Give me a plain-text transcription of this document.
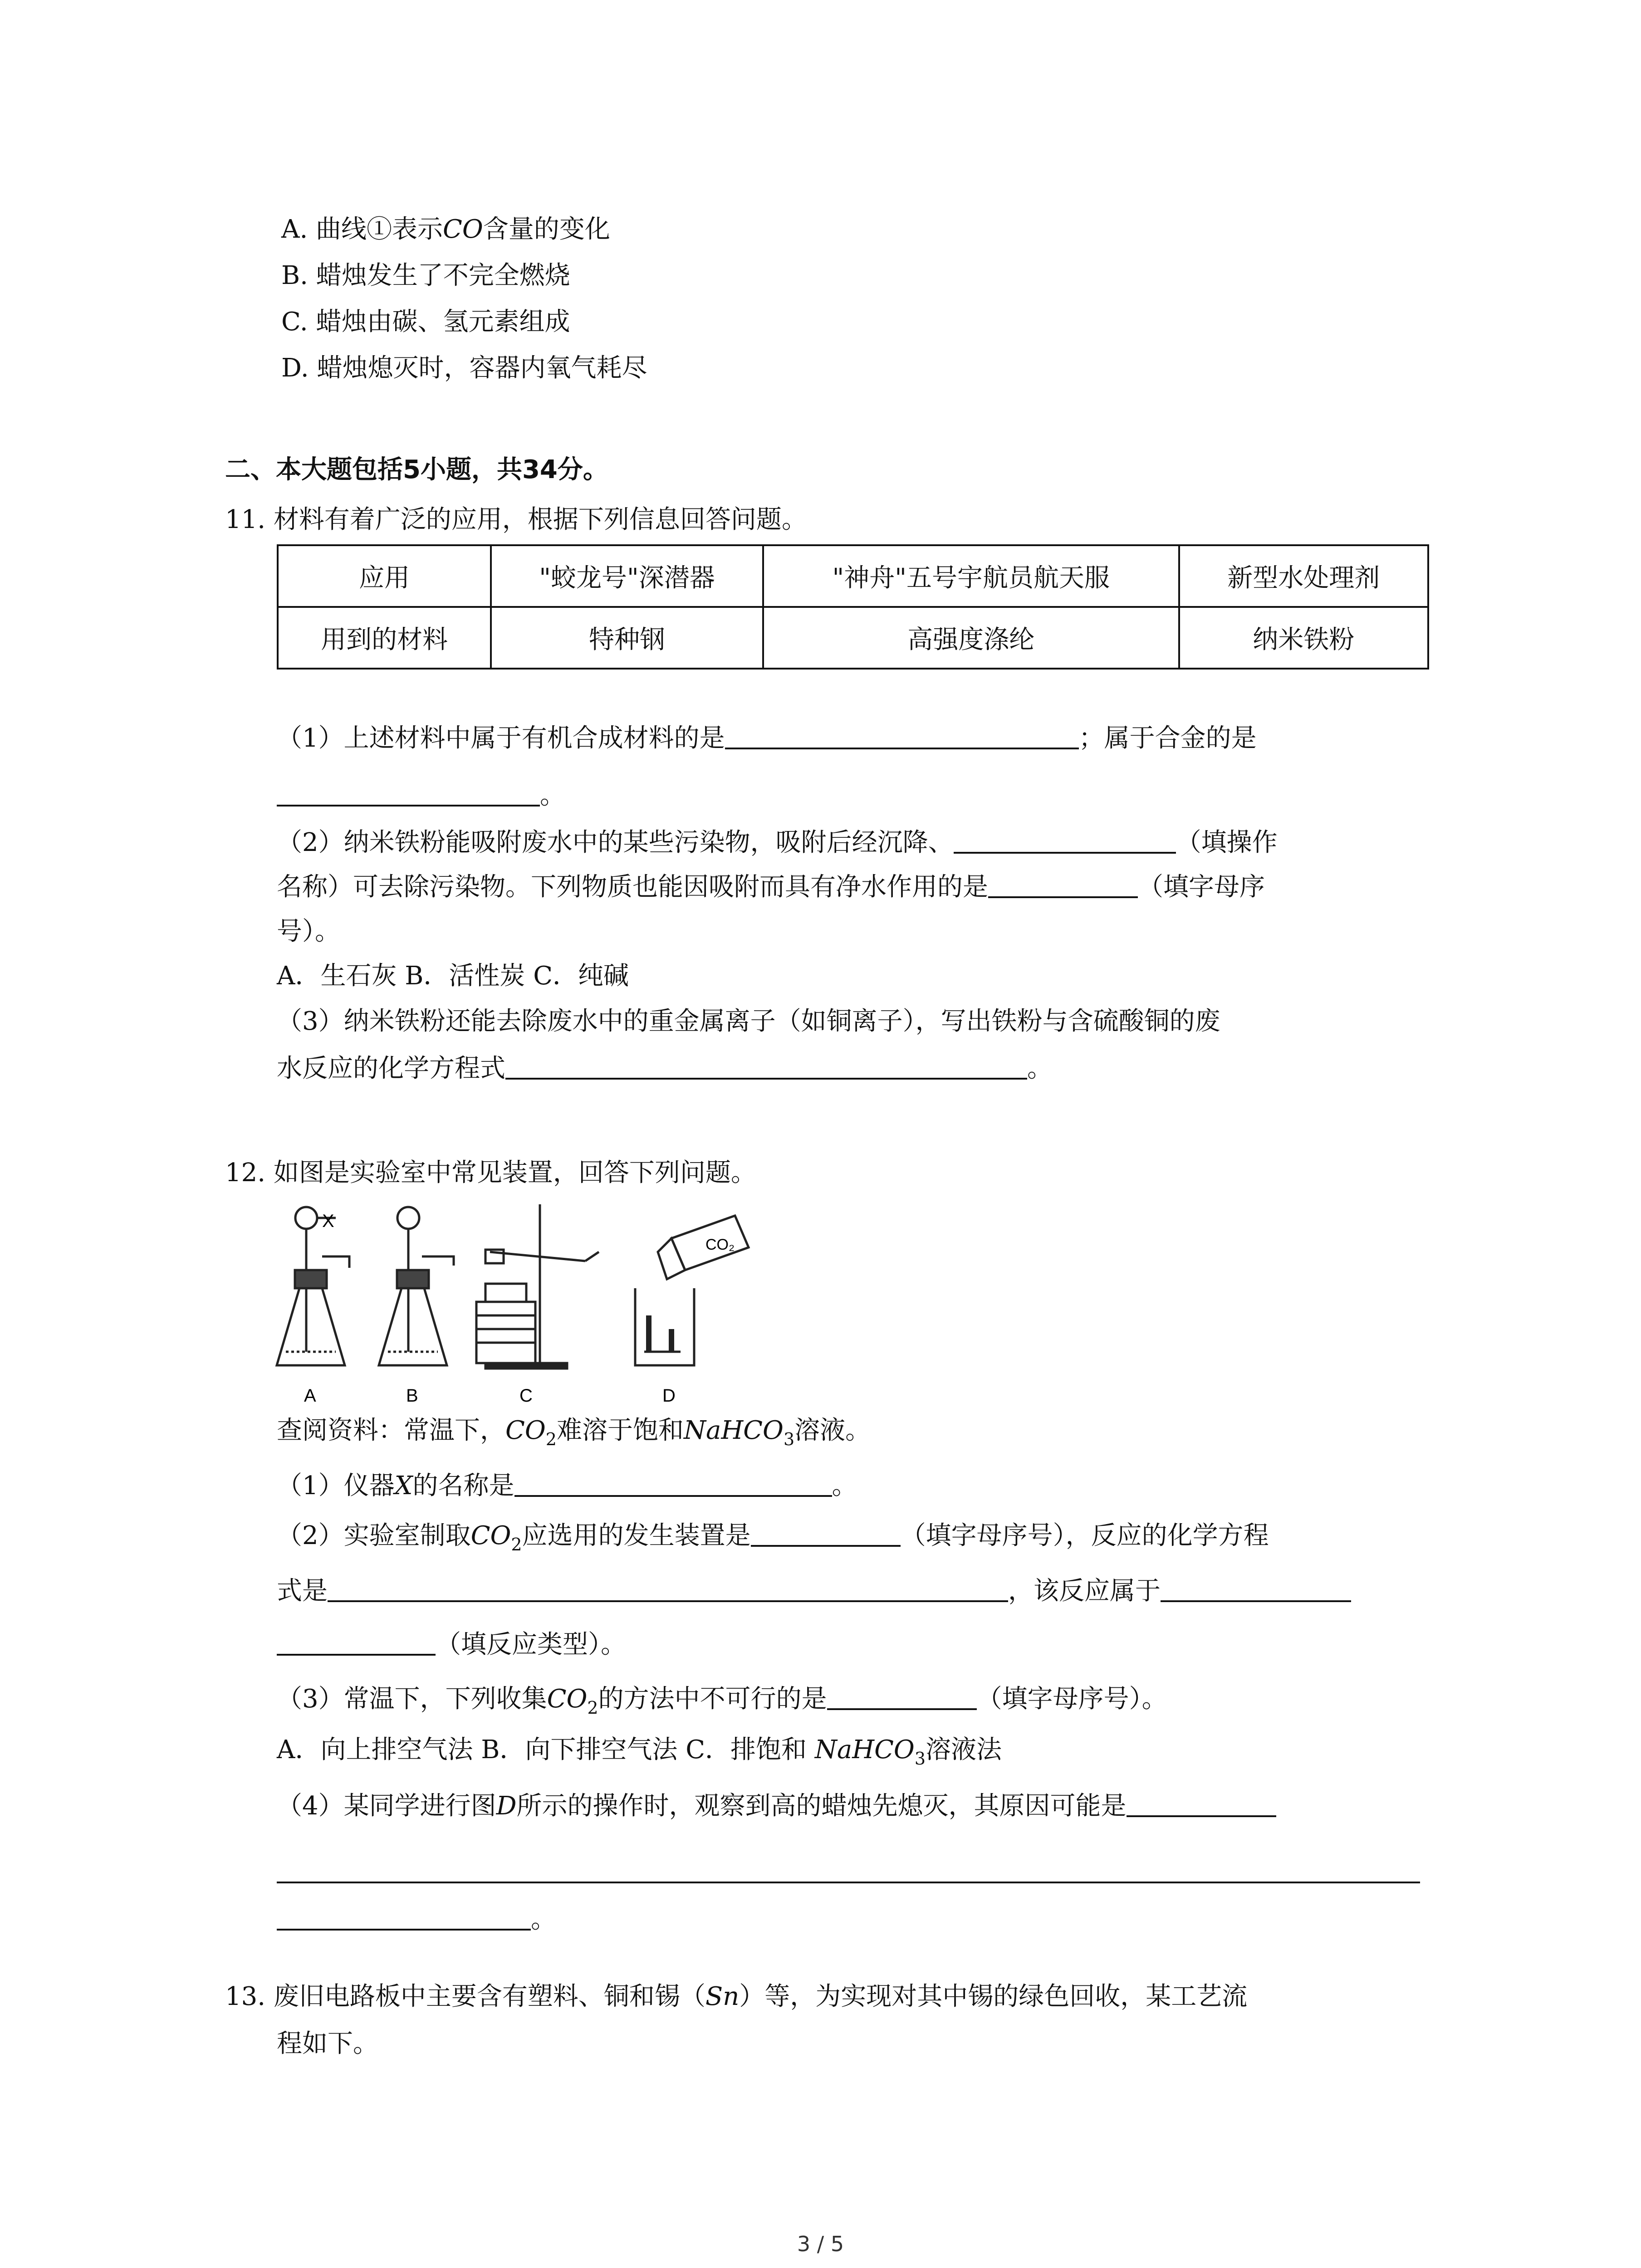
A. 曲线①表示CO含量的变化
B. 蜡烛发生了不完全燃烧
C. 蜡烛由碳、氢元素组成
D. 蜡烛熄灭时，容器内氧气耗尽
二、本大题包括5小题，共34分。
11. 材料有着广泛的应用，根据下列信息回答问题。
应用	"蛟龙号"深潜器	"神舟"五号宇航员航天服	新型水处理剂
用到的材料	特种钢	高强度涤纶	纳米铁粉
（1）上述材料中属于有机合成材料的是	；属于合金的是
。
（2）纳米铁粉能吸附废水中的某些污染物，吸附后经沉降、	（填操作
名称）可去除污染物。下列物质也能因吸附而具有净水作用的是	（填字母序
号）。
A．生石灰 B．活性炭 C．纯碱
（3）纳米铁粉还能去除废水中的重金属离子（如铜离子），写出铁粉与含硫酸铜的废
水反应的化学方程式	。
12. 如图是实验室中常见装置，回答下列问题。
X
CO₂
A	B	C	D
查阅资料：常温下，$CO_2$难溶于饱和NaHCO$_3$溶液。
（1）仪器X的名称是	。
（2）实验室制取$CO_2$应选用的发生装置是	（填字母序号），反应的化学方程
式是	，该反应属于
（填反应类型）。
（3）常温下，下列收集$CO_2$的方法中不可行的是	（填字母序号）。
A．向上排空气法 B．向下排空气法 C．排饱和 NaHCO$_3$溶液法
（4）某同学进行图D所示的操作时，观察到高的蜡烛先熄灭，其原因可能是
。
13. 废旧电路板中主要含有塑料、铜和锡（Sn）等，为实现对其中锡的绿色回收，某工艺流
程如下。
3 / 5
